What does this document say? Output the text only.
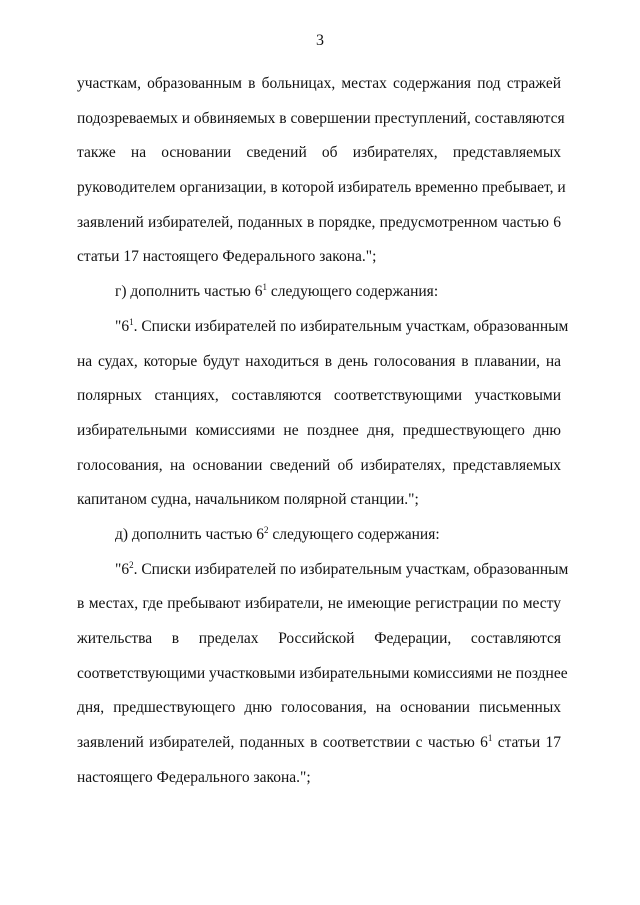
3
участкам, образованным в больницах, местах содержания под стражей
подозреваемых и обвиняемых в совершении преступлений, составляются
также на основании сведений об избирателях, представляемых
руководителем организации, в которой избиратель временно пребывает, и
заявлений избирателей, поданных в порядке, предусмотренном частью 6
статьи 17 настоящего Федерального закона.";
г) дополнить частью $6^1$ следующего содержания:
"$6^1$. Списки избирателей по избирательным участкам, образованным
на судах, которые будут находиться в день голосования в плавании, на
полярных станциях, составляются соответствующими участковыми
избирательными комиссиями не позднее дня, предшествующего дню
голосования, на основании сведений об избирателях, представляемых
капитаном судна, начальником полярной станции.";
д) дополнить частью $6^2$ следующего содержания:
"$6^2$. Списки избирателей по избирательным участкам, образованным
в местах, где пребывают избиратели, не имеющие регистрации по месту
жительства в пределах Российской Федерации, составляются
соответствующими участковыми избирательными комиссиями не позднее
дня, предшествующего дню голосования, на основании письменных
заявлений избирателей, поданных в соответствии с частью $6^1$ статьи 17
настоящего Федерального закона.";
